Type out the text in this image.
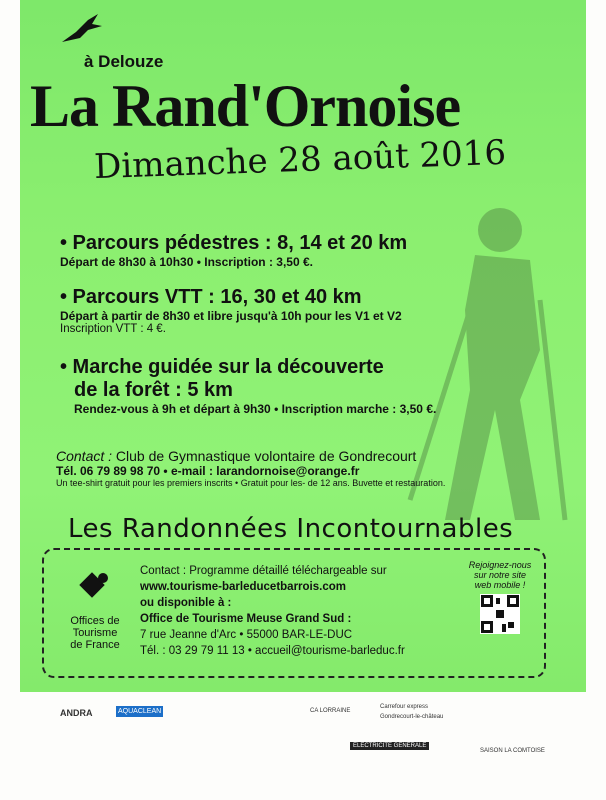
à Delouze
La Rand'Ornoise
Dimanche 28 août 2016
• Parcours pédestres : 8, 14 et 20 km
Départ de 8h30 à 10h30 • Inscription : 3,50 €.
• Parcours VTT : 16, 30 et 40 km
Départ à partir de 8h30 et libre jusqu'à 10h pour les V1 et V2
Inscription VTT : 4 €.
• Marche guidée sur la découverte
de la forêt : 5 km
Rendez-vous à 9h et départ à 9h30 • Inscription marche : 3,50 €.
Contact : Club de Gymnastique volontaire de Gondrecourt
Tél. 06 79 89 98 70 • e-mail : larandornoise@orange.fr
Un tee-shirt gratuit pour les premiers inscrits • Gratuit pour les- de 12 ans. Buvette et restauration.
Les Randonnées Incontournables
Offices de
Tourisme
de France
Contact : Programme détaillé téléchargeable sur
www.tourisme-barleducetbarrois.com
ou disponible à :
Office de Tourisme Meuse Grand Sud :
7 rue Jeanne d'Arc • 55000 BAR-LE-DUC
Tél. : 03 29 79 11 13 • accueil@tourisme-barleduc.fr
Rejoignez-nous
sur notre site
web mobile !
ANDRA	AQUACLEAN	CA LORRAINE
Carrefour express
Gondrecourt-le-château
SAISON LA COMTOISE
ELECTRICITE GENERALE
